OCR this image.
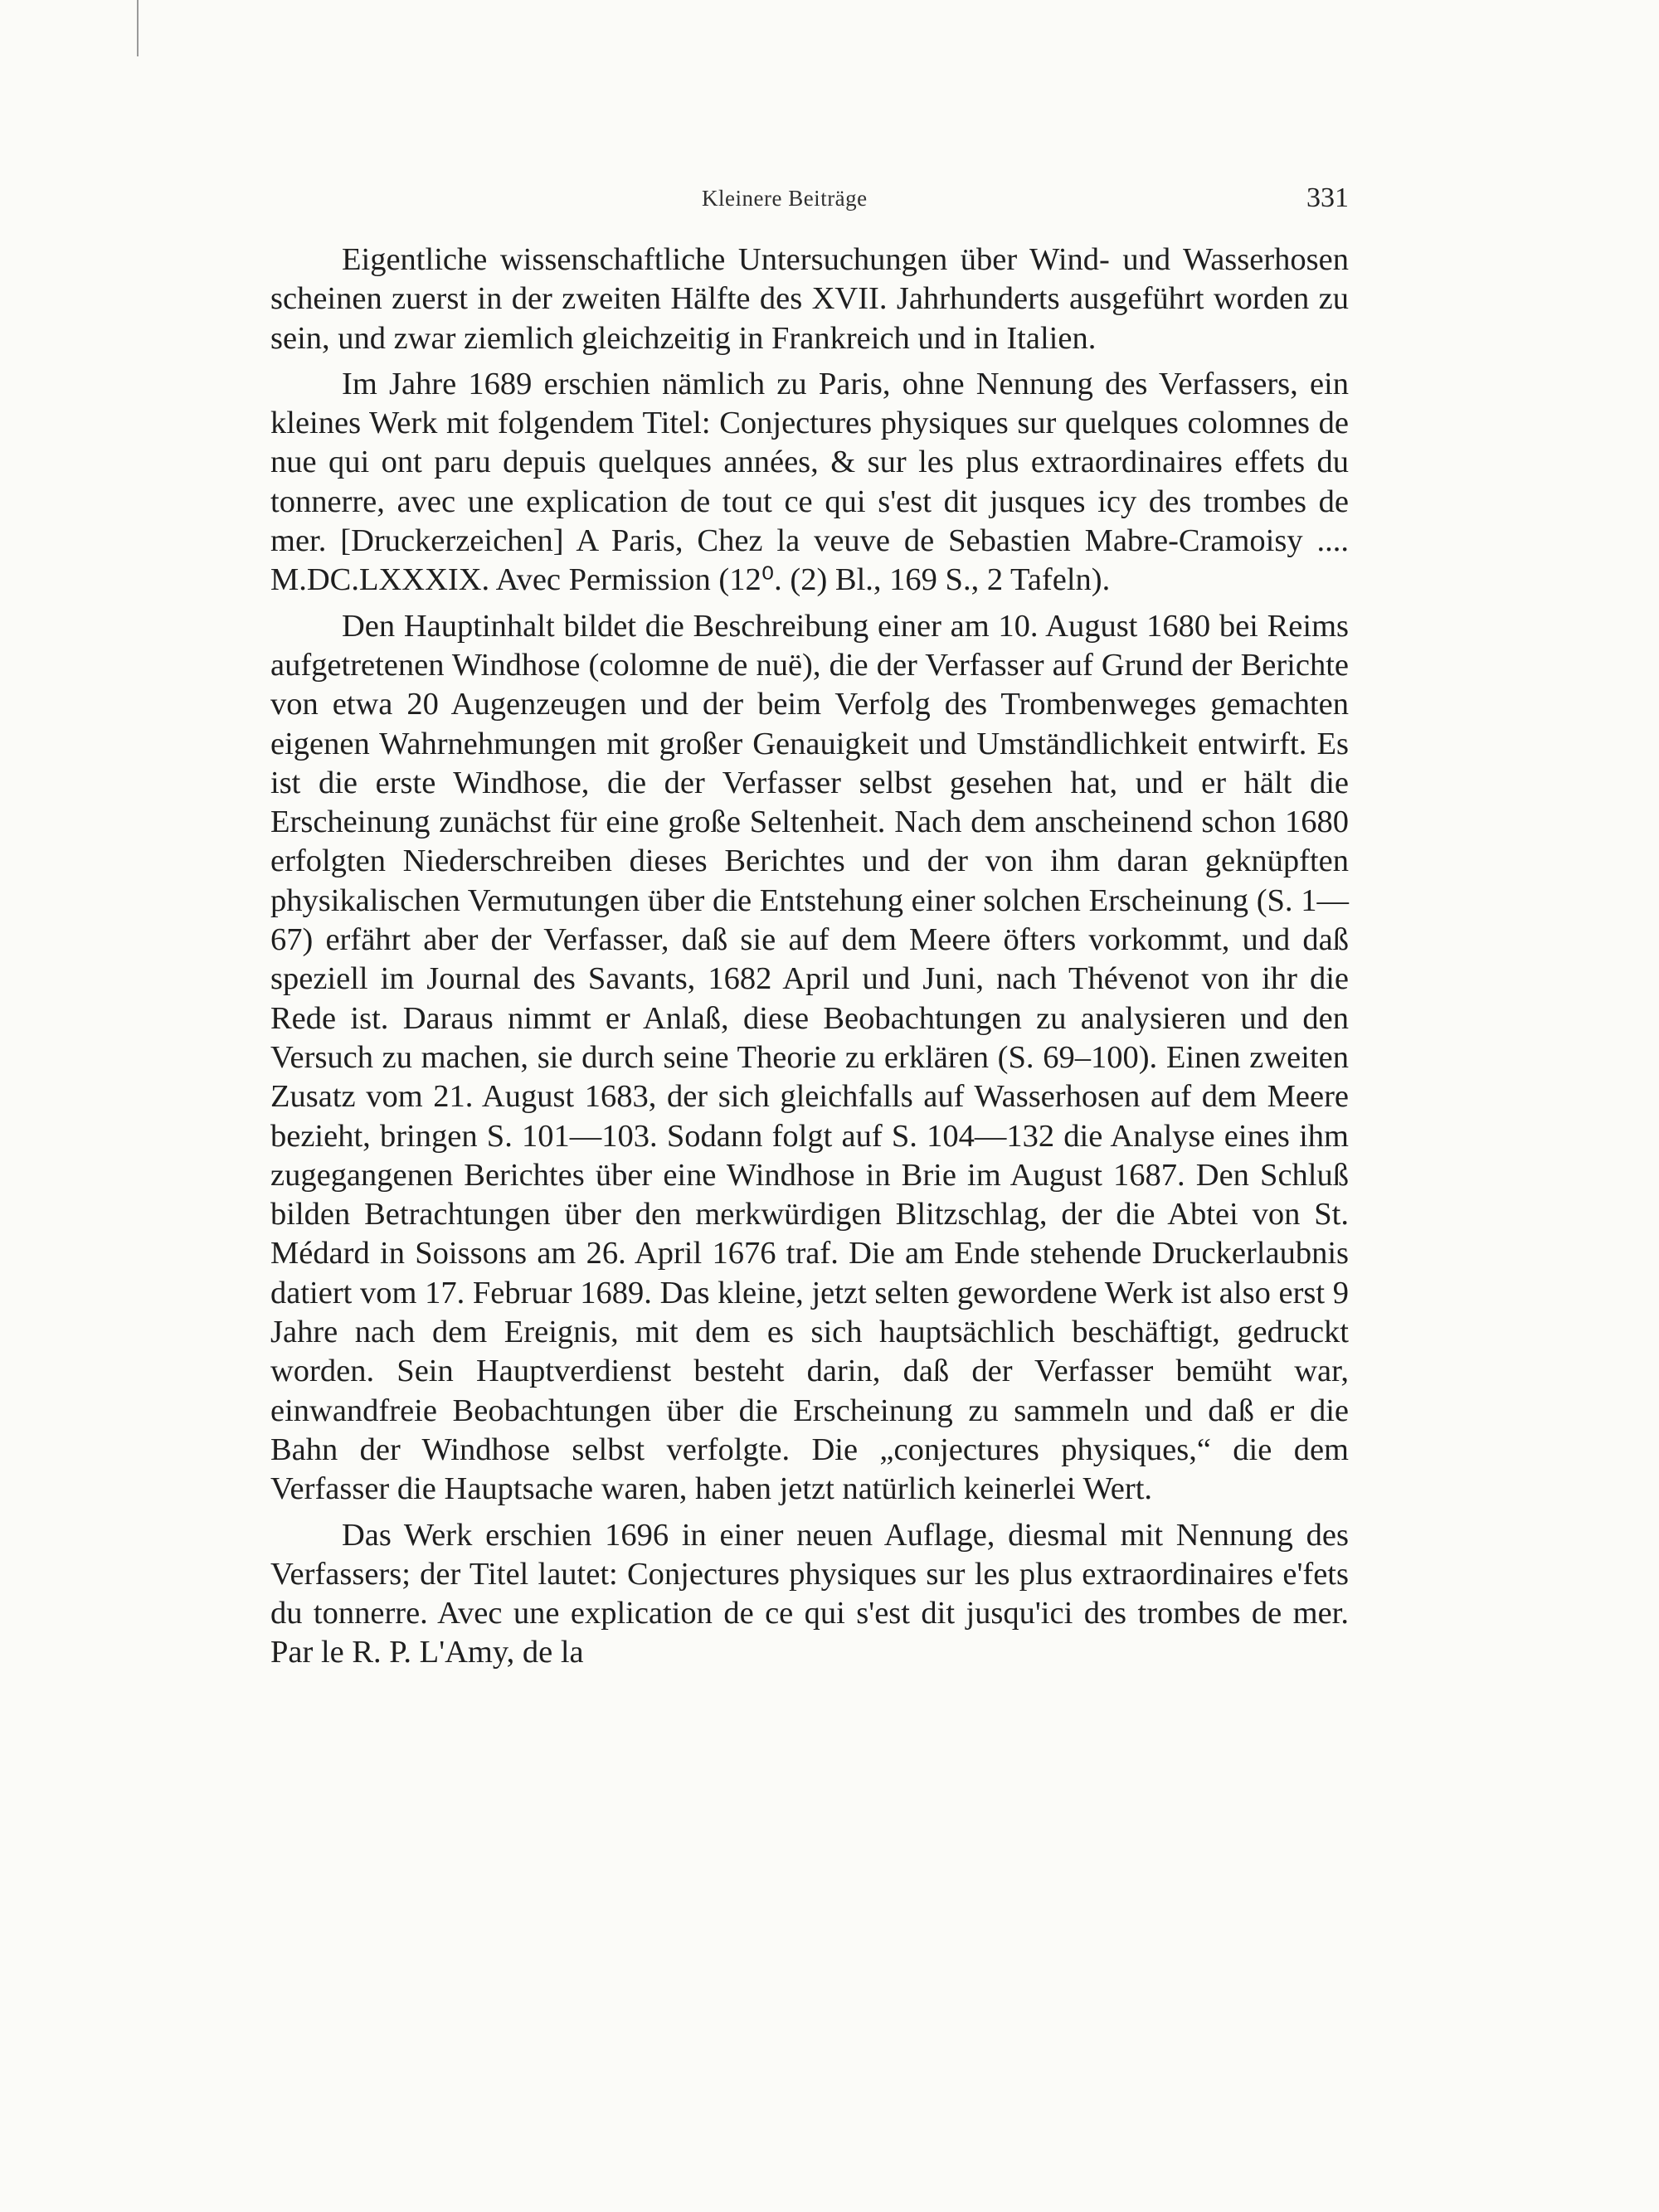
Kleinere Beiträge	331

Eigentliche wissenschaftliche Untersuchungen über Wind- und Wasserhosen scheinen zuerst in der zweiten Hälfte des XVII. Jahrhunderts ausgeführt worden zu sein, und zwar ziemlich gleichzeitig in Frankreich und in Italien.

Im Jahre 1689 erschien nämlich zu Paris, ohne Nennung des Verfassers, ein kleines Werk mit folgendem Titel: Conjectures physiques sur quelques colomnes de nue qui ont paru depuis quelques années, & sur les plus extraordinaires effets du tonnerre, avec une explication de tout ce qui s'est dit jusques icy des trombes de mer. [Druckerzeichen] A Paris, Chez la veuve de Sebastien Mabre-Cramoisy .... M.DC.LXXXIX. Avec Permission (12⁰. (2) Bl., 169 S., 2 Tafeln).

Den Hauptinhalt bildet die Beschreibung einer am 10. August 1680 bei Reims aufgetretenen Windhose (colomne de nuë), die der Verfasser auf Grund der Berichte von etwa 20 Augenzeugen und der beim Verfolg des Trombenweges gemachten eigenen Wahrnehmungen mit großer Genauigkeit und Umständlichkeit entwirft. Es ist die erste Windhose, die der Verfasser selbst gesehen hat, und er hält die Erscheinung zunächst für eine große Seltenheit. Nach dem anscheinend schon 1680 erfolgten Niederschreiben dieses Berichtes und der von ihm daran geknüpften physikalischen Vermutungen über die Entstehung einer solchen Erscheinung (S. 1—67) erfährt aber der Verfasser, daß sie auf dem Meere öfters vorkommt, und daß speziell im Journal des Savants, 1682 April und Juni, nach Thévenot von ihr die Rede ist. Daraus nimmt er Anlaß, diese Beobachtungen zu analysieren und den Versuch zu machen, sie durch seine Theorie zu erklären (S. 69–100). Einen zweiten Zusatz vom 21. August 1683, der sich gleichfalls auf Wasserhosen auf dem Meere bezieht, bringen S. 101—103. Sodann folgt auf S. 104—132 die Analyse eines ihm zugegangenen Berichtes über eine Windhose in Brie im August 1687. Den Schluß bilden Betrachtungen über den merkwürdigen Blitzschlag, der die Abtei von St. Médard in Soissons am 26. April 1676 traf. Die am Ende stehende Druckerlaubnis datiert vom 17. Februar 1689. Das kleine, jetzt selten gewordene Werk ist also erst 9 Jahre nach dem Ereignis, mit dem es sich hauptsächlich beschäftigt, gedruckt worden. Sein Hauptverdienst besteht darin, daß der Verfasser bemüht war, einwandfreie Beobachtungen über die Erscheinung zu sammeln und daß er die Bahn der Windhose selbst verfolgte. Die „conjectures physiques,“ die dem Verfasser die Hauptsache waren, haben jetzt natürlich keinerlei Wert.

Das Werk erschien 1696 in einer neuen Auflage, diesmal mit Nennung des Verfassers; der Titel lautet: Conjectures physiques sur les plus extraordinaires e'fets du tonnerre. Avec une explication de ce qui s'est dit jusqu'ici des trombes de mer. Par le R. P. L'Amy, de la
